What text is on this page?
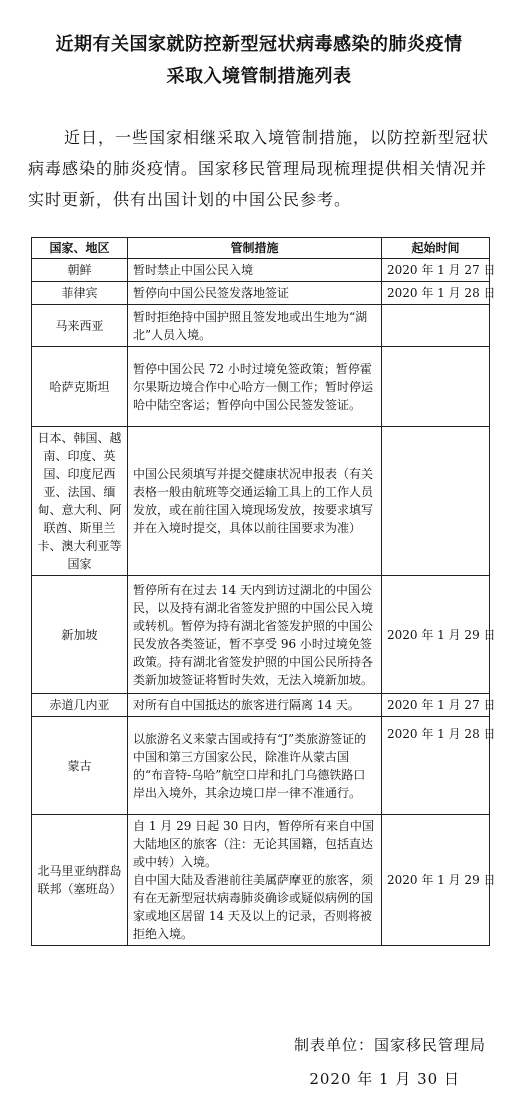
近期有关国家就防控新型冠状病毒感染的肺炎疫情
采取入境管制措施列表

近日，一些国家相继采取入境管制措施，以防控新型冠状病毒感染的肺炎疫情。国家移民管理局现梳理提供相关情况并实时更新，供有出国计划的中国公民参考。

国家、地区	管制措施	起始时间
朝鲜	暂时禁止中国公民入境	2020 年 1 月 27 日
菲律宾	暂停向中国公民签发落地签证	2020 年 1 月 28 日
马来西亚	暂时拒绝持中国护照且签发地或出生地为“湖北”人员入境。	
哈萨克斯坦	暂停中国公民 72 小时过境免签政策；暂停霍尔果斯边境合作中心哈方一侧工作；暂时停运哈中陆空客运；暂停向中国公民签发签证。	
日本、韩国、越南、印度、英国、印度尼西亚、法国、缅甸、意大利、阿联酋、斯里兰卡、澳大利亚等国家	中国公民须填写并提交健康状况申报表（有关表格一般由航班等交通运输工具上的工作人员发放，或在前往国入境现场发放，按要求填写并在入境时提交，具体以前往国要求为准）	
新加坡	暂停所有在过去 14 天内到访过湖北的中国公民，以及持有湖北省签发护照的中国公民入境或转机。暂停为持有湖北省签发护照的中国公民发放各类签证，暂不享受 96 小时过境免签政策。持有湖北省签发护照的中国公民所持各类新加坡签证将暂时失效，无法入境新加坡。	2020 年 1 月 29 日
赤道几内亚	对所有自中国抵达的旅客进行隔离 14 天。	2020 年 1 月 27 日
蒙古	以旅游名义来蒙古国或持有“J”类旅游签证的中国和第三方国家公民，除准许从蒙古国的“布音特-乌哈”航空口岸和扎门乌德铁路口岸出入境外，其余边境口岸一律不准通行。	2020 年 1 月 28 日
北马里亚纳群岛联邦（塞班岛）	自 1 月 29 日起 30 日内，暂停所有来自中国大陆地区的旅客（注：无论其国籍，包括直达或中转）入境。
自中国大陆及香港前往美属萨摩亚的旅客，须有在无新型冠状病毒肺炎确诊或疑似病例的国家或地区居留 14 天及以上的记录，否则将被拒绝入境。	2020 年 1 月 29 日
制表单位：国家移民管理局
2020 年 1 月 30 日
